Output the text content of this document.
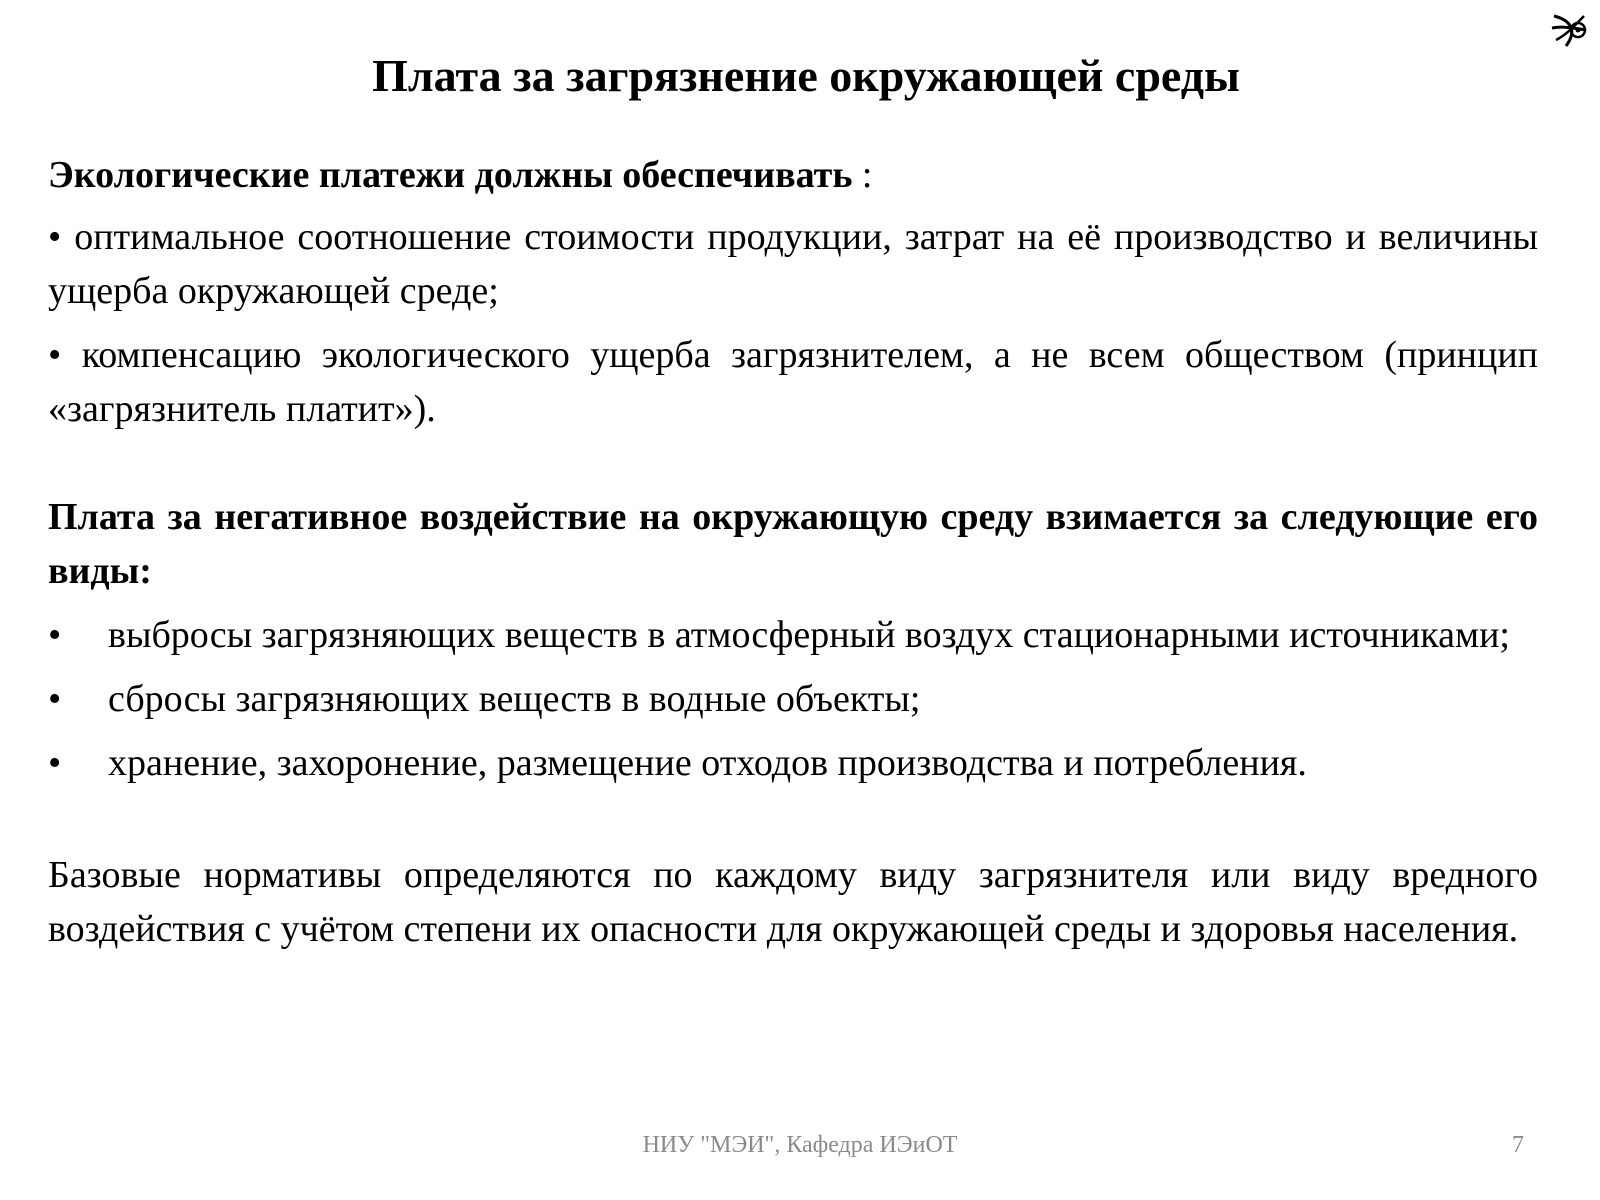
Плата за загрязнение окружающей среды

Экологические платежи должны обеспечивать :

• оптимальное соотношение стоимости продукции, затрат на её производство и величины ущерба окружающей среде;

• компенсацию экологического ущерба загрязнителем, а не всем обществом (принцип «загрязнитель платит»).

Плата за негативное воздействие на окружающую среду взимается за следующие его виды:

• выбросы загрязняющих веществ в атмосферный воздух стационарными источниками;
• сбросы загрязняющих веществ в водные объекты;
• хранение, захоронение, размещение отходов производства и потребления.

Базовые нормативы определяются по каждому виду загрязнителя или виду вредного воздействия с учётом степени их опасности для окружающей среды и здоровья населения.

НИУ "МЭИ", Кафедра ИЭиОТ	7
